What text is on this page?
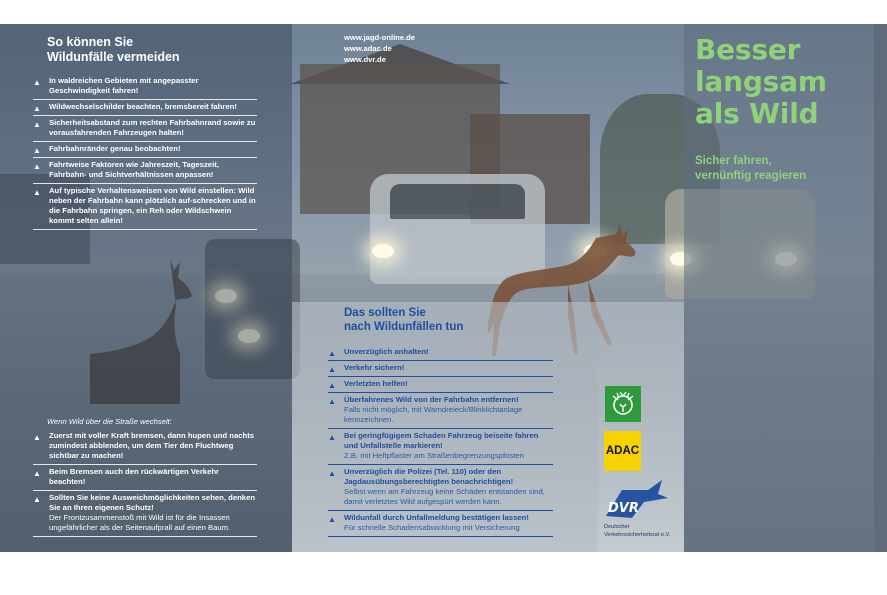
So können Sie
Wildunfälle vermeiden
▲ In waldreichen Gebieten mit angepasster Geschwindigkeit fahren!
▲ Wildwechselschilder beachten, bremsbereit fahren!
▲ Sicherheitsabstand zum rechten Fahrbahnrand sowie zu vorausfahrenden Fahrzeugen halten!
▲ Fahrbahnränder genau beobachten!
▲ Fahrtweise Faktoren wie Jahreszeit, Tageszeit, Fahrbahn- und Sichtverhältnissen anpassen!
▲ Auf typische Verhaltensweisen von Wild einstellen: Wild neben der Fahrbahn kann plötzlich auf-schrecken und in die Fahrbahn springen, ein Reh oder Wildschwein kommt selten allein!
Wenn Wild über die Straße wechselt:
▲ Zuerst mit voller Kraft bremsen, dann hupen und nachts zumindest abblenden, um dem Tier den Fluchtweg sichtbar zu machen!
▲ Beim Bremsen auch den rückwärtigen Verkehr beachten!
▲ Sollten Sie keine Ausweichmöglichkeiten sehen, denken Sie an Ihren eigenen Schutz!
Der Frontzusammenstoß mit Wild ist für die Insassen ungefährlicher als der Seitenaufprall auf einen Baum.
www.jagd-online.de
www.adac.de
www.dvr.de
Das sollten Sie
nach Wildunfällen tun
▲ Unverzüglich anhalten!
▲ Verkehr sichern!
▲ Verletzten helfen!
▲ Überfahrenes Wild von der Fahrbahn entfernen!
Falls nicht möglich, mit Warndreieck/Blinklichtanlage kennzeichnen.
▲ Bei geringfügigem Schaden Fahrzeug beiseite fahren und Unfallstelle markieren!
Z.B. mit Heftpflaster am Straßenbegrenzungspfosten
▲ Unverzüglich die Polizei (Tel. 110) oder den Jagdausübungsberechtigten benachrichtigen!
Selbst wenn am Fahrzeug keine Schäden entstanden sind, damit verletztes Wild aufgespürt werden kann.
▲ Wildunfall durch Unfallmeldung bestätigen lassen!
Für schnelle Schadensabwicklung mit Versicherung
ADAC
DVR
Deutscher
Verkehrssicherheitsrat e.V.
Besser
langsam
als Wild
Sicher fahren,
vernünftig reagieren
